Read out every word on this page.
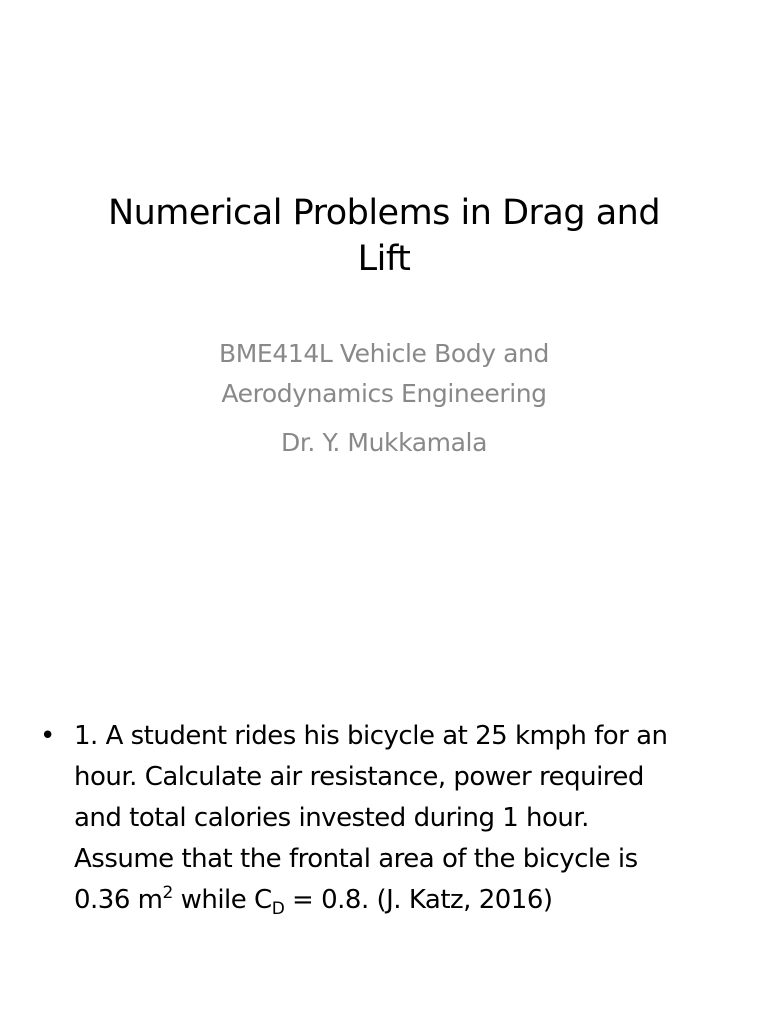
Numerical Problems in Drag and
Lift
BME414L Vehicle Body and
Aerodynamics Engineering
Dr. Y. Mukkamala
• 1. A student rides his bicycle at 25 kmph for an
hour. Calculate air resistance, power required
and total calories invested during 1 hour.
Assume that the frontal area of the bicycle is
0.36 $m^2$ while $C_D = 0.8$. (J. Katz, 2016)
